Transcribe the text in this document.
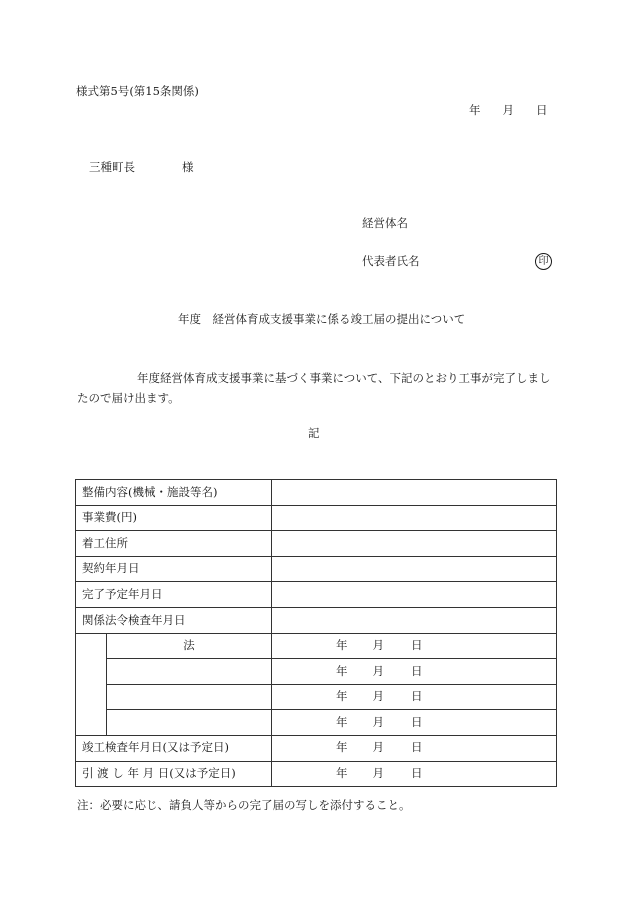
様式第5号(第15条関係)
年 月 日
三種町長	様
経営体名
代表者氏名	印
年度　経営体育成支援事業に係る竣工届の提出について
年度経営体育成支援事業に基づく事業について、下記のとおり工事が完了しましたので届け出ます。
記
整備内容(機械・施設等名)		
事業費(円)		
着工住所		
契約年月日		
完了予定年月日		
関係法令検査年月日		
	法	年 月 日
		年 月 日
		年 月 日
		年 月 日
竣工検査年月日(又は予定日)		年 月 日
引 渡 し 年 月 日(又は予定日)		年 月 日
注：必要に応じ、請負人等からの完了届の写しを添付すること。
